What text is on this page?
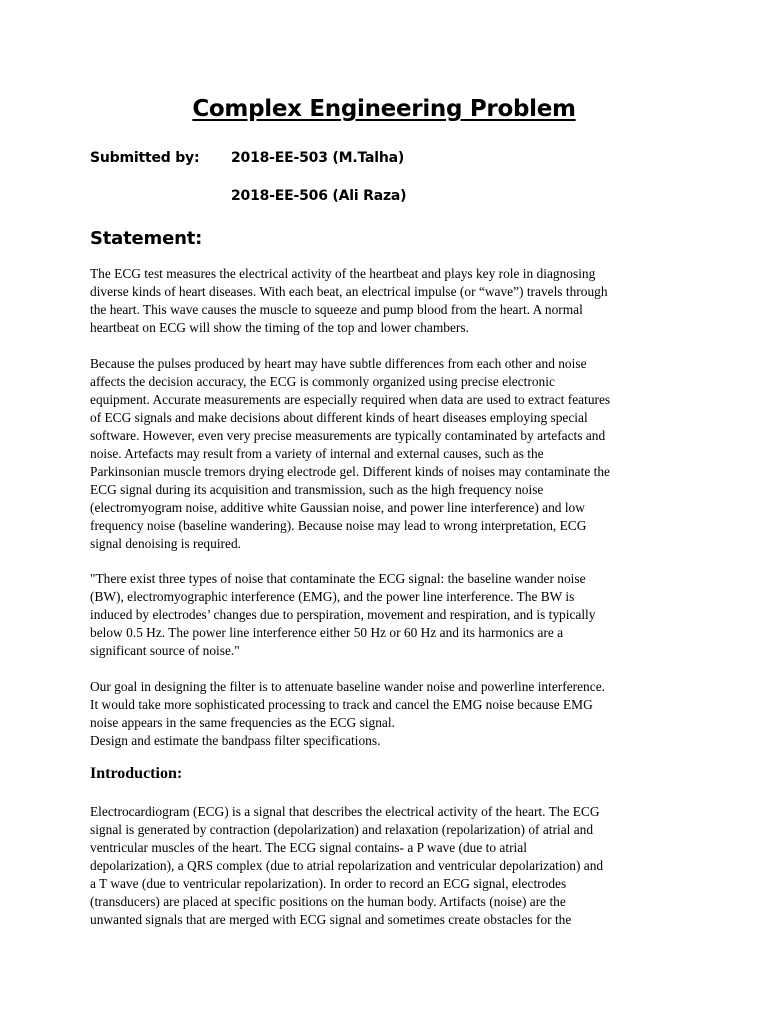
Complex Engineering Problem
Submitted by: 2018-EE-503 (M.Talha)
2018-EE-506 (Ali Raza)
Statement:
The ECG test measures the electrical activity of the heartbeat and plays key role in diagnosing
diverse kinds of heart diseases. With each beat, an electrical impulse (or “wave”) travels through
the heart. This wave causes the muscle to squeeze and pump blood from the heart. A normal
heartbeat on ECG will show the timing of the top and lower chambers.
Because the pulses produced by heart may have subtle differences from each other and noise
affects the decision accuracy, the ECG is commonly organized using precise electronic
equipment. Accurate measurements are especially required when data are used to extract features
of ECG signals and make decisions about different kinds of heart diseases employing special
software. However, even very precise measurements are typically contaminated by artefacts and
noise. Artefacts may result from a variety of internal and external causes, such as the
Parkinsonian muscle tremors drying electrode gel. Different kinds of noises may contaminate the
ECG signal during its acquisition and transmission, such as the high frequency noise
(electromyogram noise, additive white Gaussian noise, and power line interference) and low
frequency noise (baseline wandering). Because noise may lead to wrong interpretation, ECG
signal denoising is required.
"There exist three types of noise that contaminate the ECG signal: the baseline wander noise
(BW), electromyographic interference (EMG), and the power line interference. The BW is
induced by electrodes’ changes due to perspiration, movement and respiration, and is typically
below 0.5 Hz. The power line interference either 50 Hz or 60 Hz and its harmonics are a
significant source of noise."
Our goal in designing the filter is to attenuate baseline wander noise and powerline interference.
It would take more sophisticated processing to track and cancel the EMG noise because EMG
noise appears in the same frequencies as the ECG signal.
Design and estimate the bandpass filter specifications.
Introduction:
Electrocardiogram (ECG) is a signal that describes the electrical activity of the heart. The ECG
signal is generated by contraction (depolarization) and relaxation (repolarization) of atrial and
ventricular muscles of the heart. The ECG signal contains- a P wave (due to atrial
depolarization), a QRS complex (due to atrial repolarization and ventricular depolarization) and
a T wave (due to ventricular repolarization). In order to record an ECG signal, electrodes
(transducers) are placed at specific positions on the human body. Artifacts (noise) are the
unwanted signals that are merged with ECG signal and sometimes create obstacles for the
